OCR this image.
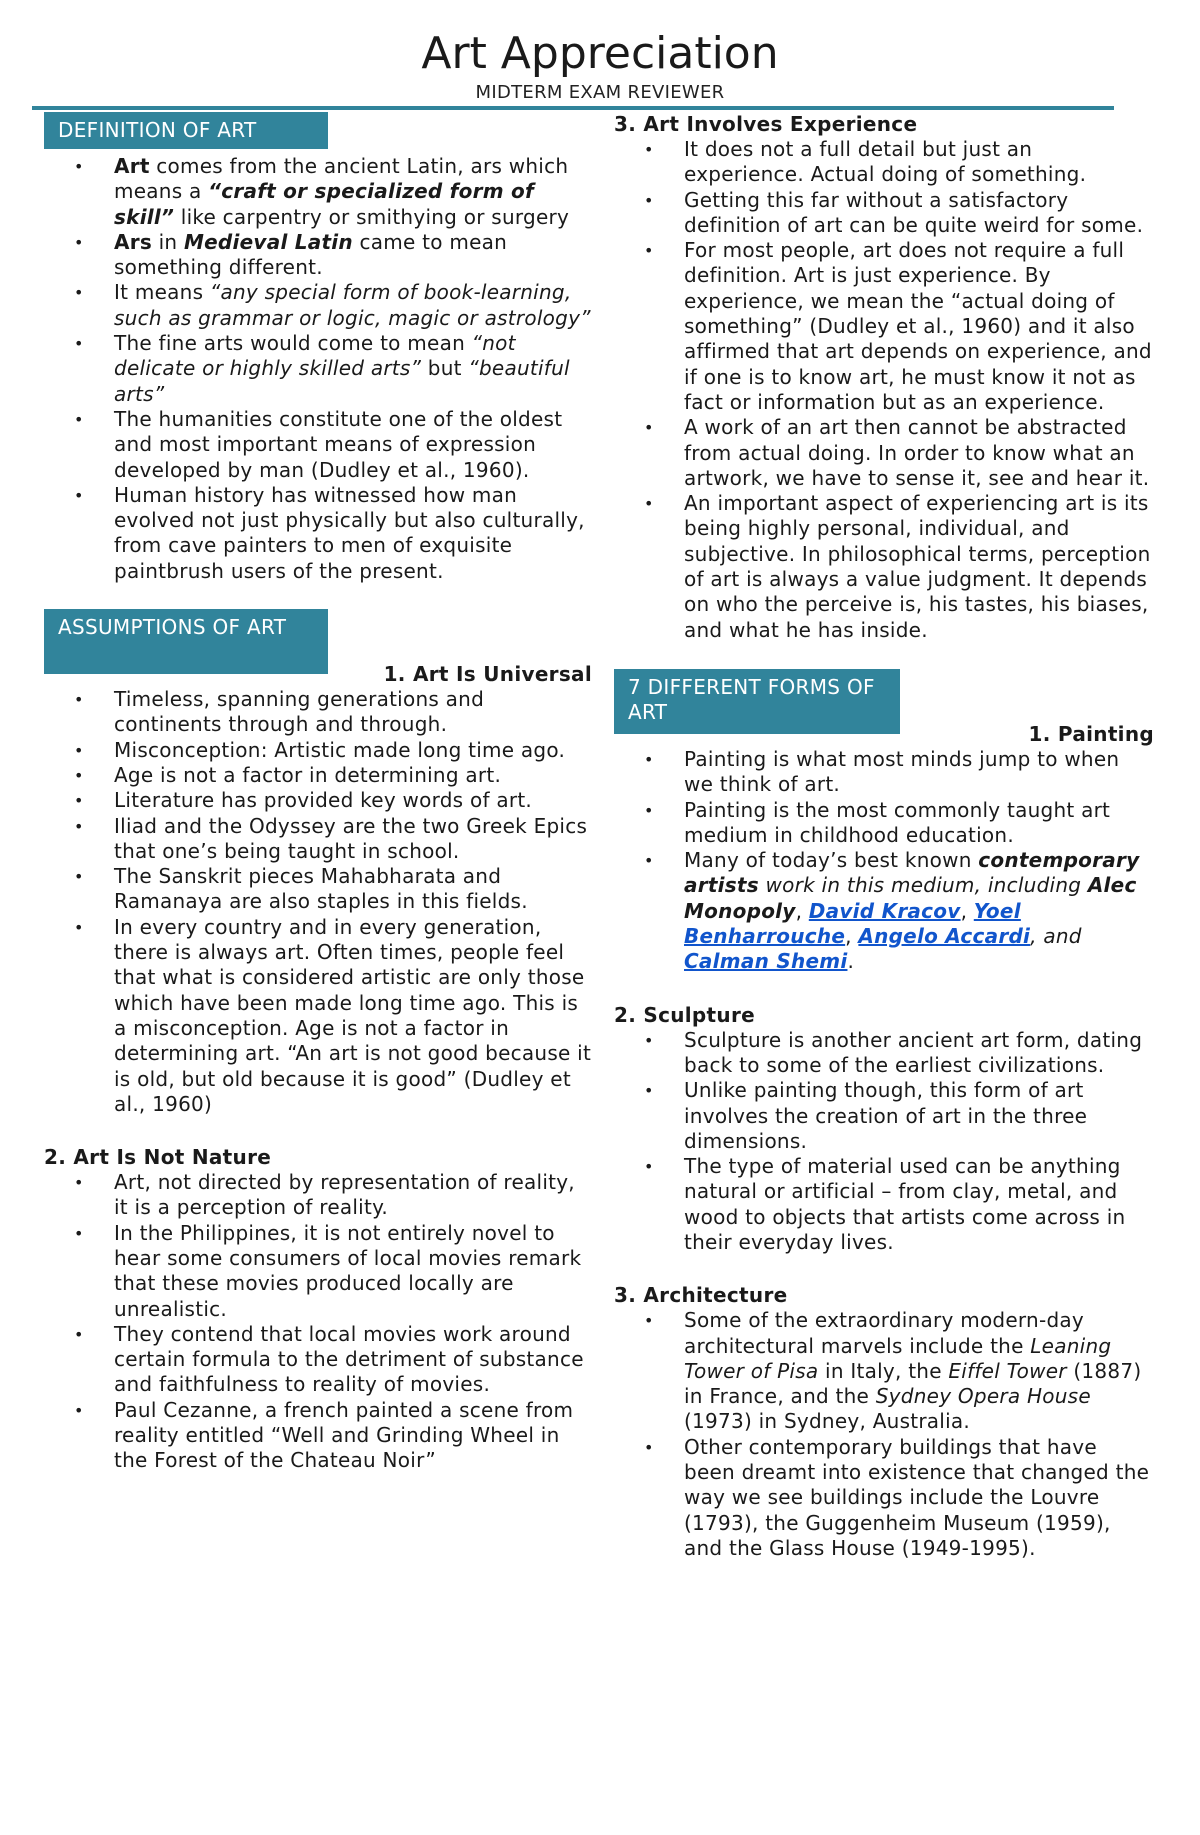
Art Appreciation
MIDTERM EXAM REVIEWER
DEFINITION OF ART
• Art comes from the ancient Latin, ars which means a “craft or specialized form of skill” like carpentry or smithying or surgery
• Ars in Medieval Latin came to mean something different.
• It means “any special form of book-learning, such as grammar or logic, magic or astrology”
• The fine arts would come to mean “not delicate or highly skilled arts” but “beautiful arts”
• The humanities constitute one of the oldest and most important means of expression developed by man (Dudley et al., 1960).
• Human history has witnessed how man evolved not just physically but also culturally, from cave painters to men of exquisite paintbrush users of the present.
ASSUMPTIONS OF ART
1. Art Is Universal
• Timeless, spanning generations and continents through and through.
• Misconception: Artistic made long time ago.
• Age is not a factor in determining art.
• Literature has provided key words of art.
• Iliad and the Odyssey are the two Greek Epics that one’s being taught in school.
• The Sanskrit pieces Mahabharata and Ramanaya are also staples in this fields.
• In every country and in every generation, there is always art. Often times, people feel that what is considered artistic are only those which have been made long time ago. This is a misconception. Age is not a factor in determining art. “An art is not good because it is old, but old because it is good” (Dudley et al., 1960)
2. Art Is Not Nature
• Art, not directed by representation of reality, it is a perception of reality.
• In the Philippines, it is not entirely novel to hear some consumers of local movies remark that these movies produced locally are unrealistic.
• They contend that local movies work around certain formula to the detriment of substance and faithfulness to reality of movies.
• Paul Cezanne, a french painted a scene from reality entitled “Well and Grinding Wheel in the Forest of the Chateau Noir”
3. Art Involves Experience
• It does not a full detail but just an experience. Actual doing of something.
• Getting this far without a satisfactory definition of art can be quite weird for some.
• For most people, art does not require a full definition. Art is just experience. By experience, we mean the “actual doing of something” (Dudley et al., 1960) and it also affirmed that art depends on experience, and if one is to know art, he must know it not as fact or information but as an experience.
• A work of an art then cannot be abstracted from actual doing. In order to know what an artwork, we have to sense it, see and hear it.
• An important aspect of experiencing art is its being highly personal, individual, and subjective. In philosophical terms, perception of art is always a value judgment. It depends on who the perceive is, his tastes, his biases, and what he has inside.
7 DIFFERENT FORMS OF ART
1. Painting
• Painting is what most minds jump to when we think of art.
• Painting is the most commonly taught art medium in childhood education.
• Many of today’s best known contemporary artists work in this medium, including Alec Monopoly, David Kracov, Yoel Benharrouche, Angelo Accardi, and Calman Shemi.
2. Sculpture
• Sculpture is another ancient art form, dating back to some of the earliest civilizations.
• Unlike painting though, this form of art involves the creation of art in the three dimensions.
• The type of material used can be anything natural or artificial – from clay, metal, and wood to objects that artists come across in their everyday lives.
3. Architecture
• Some of the extraordinary modern-day architectural marvels include the Leaning Tower of Pisa in Italy, the Eiffel Tower (1887) in France, and the Sydney Opera House (1973) in Sydney, Australia.
• Other contemporary buildings that have been dreamt into existence that changed the way we see buildings include the Louvre (1793), the Guggenheim Museum (1959), and the Glass House (1949-1995).
